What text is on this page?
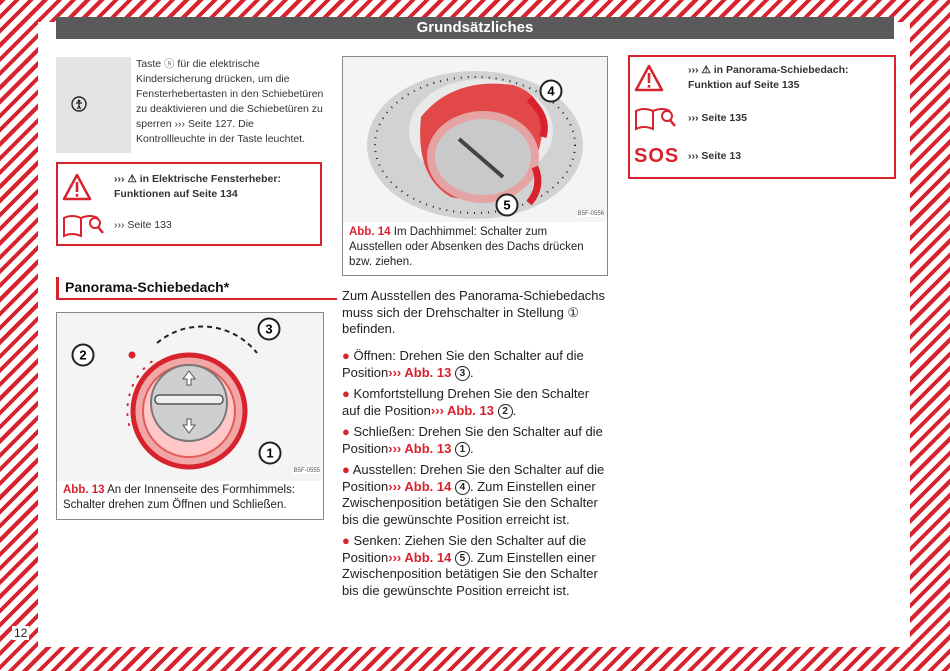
Grundsätzliches
Taste ⓢ für die elektrische Kindersicherung drücken, um die Fensterhebertasten in den Schiebetüren zu deaktivieren und die Schiebetüren zu sperren ››› Seite 127. Die Kontrollleuchte in der Taste leuchtet.
››› ⚠ in Elektrische Fensterheber: Funktionen auf Seite 134
››› Seite 133
Panorama-Schiebedach*
3
2
1
B5F-0555
Abb. 13 An der Innenseite des Formhimmels: Schalter drehen zum Öffnen und Schließen.
4
5
B5F-0556
Abb. 14 Im Dachhimmel: Schalter zum Ausstellen oder Absenken des Dachs drücken bzw. ziehen.
Zum Ausstellen des Panorama-Schiebedachs muss sich der Drehschalter in Stellung ① befinden.
● Öffnen: Drehen Sie den Schalter auf die Position››› Abb. 13 3 .
● Komfortstellung Drehen Sie den Schalter auf die Position››› Abb. 13 2 .
● Schließen: Drehen Sie den Schalter auf die Position››› Abb. 13 1 .
● Ausstellen: Drehen Sie den Schalter auf die Position››› Abb. 14 4 . Zum Einstellen einer Zwischenposition betätigen Sie den Schalter bis die gewünschte Position erreicht ist.
● Senken: Ziehen Sie den Schalter auf die Position››› Abb. 14 5 . Zum Einstellen einer Zwischenposition betätigen Sie den Schalter bis die gewünschte Position erreicht ist.
››› ⚠ in Panorama-Schiebedach: Funktion auf Seite 135
››› Seite 135
SOS ››› Seite 13
12
